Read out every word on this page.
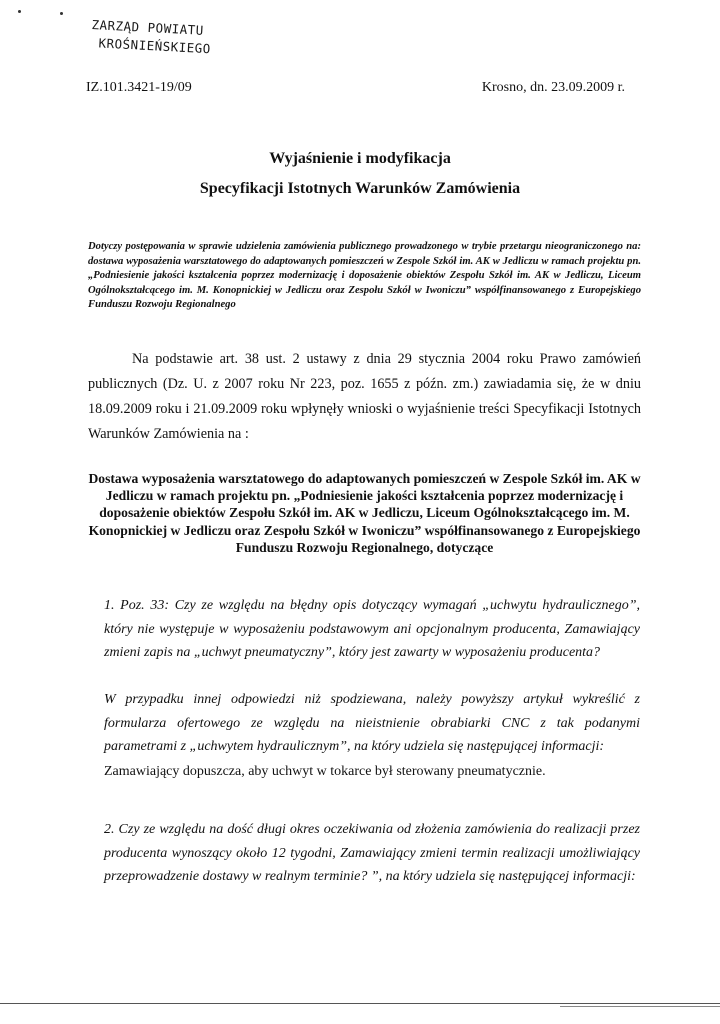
ZARZĄD POWIATU
KROŚNIEŃSKIEGO
IZ.101.3421-19/09	Krosno, dn. 23.09.2009 r.
Wyjaśnienie i modyfikacja
Specyfikacji Istotnych Warunków Zamówienia
Dotyczy postępowania w sprawie udzielenia zamówienia publicznego prowadzonego w trybie przetargu nieograniczonego na: dostawa wyposażenia warsztatowego do adaptowanych pomieszczeń w Zespole Szkół im. AK w Jedliczu w ramach projektu pn. „Podniesienie jakości kształcenia poprzez modernizację i doposażenie obiektów Zespołu Szkół im. AK w Jedliczu, Liceum Ogólnokształcącego im. M. Konopnickiej w Jedliczu oraz Zespołu Szkół w Iwoniczu” współfinansowanego z Europejskiego Funduszu Rozwoju Regionalnego
Na podstawie art. 38 ust. 2 ustawy z dnia 29 stycznia 2004 roku Prawo zamówień publicznych (Dz. U. z 2007 roku Nr 223, poz. 1655 z późn. zm.) zawiadamia się, że w dniu 18.09.2009 roku i 21.09.2009 roku wpłynęły wnioski o wyjaśnienie treści Specyfikacji Istotnych Warunków Zamówienia na :
Dostawa wyposażenia warsztatowego do adaptowanych pomieszczeń w Zespole Szkół im. AK w Jedliczu w ramach projektu pn. „Podniesienie jakości kształcenia poprzez modernizację i doposażenie obiektów Zespołu Szkół im. AK w Jedliczu, Liceum Ogólnokształcącego im. M. Konopnickiej w Jedliczu oraz Zespołu Szkół w Iwoniczu” współfinansowanego z Europejskiego Funduszu Rozwoju Regionalnego, dotyczące
1. Poz. 33: Czy ze względu na błędny opis dotyczący wymagań „uchwytu hydraulicznego”, który nie występuje w wyposażeniu podstawowym ani opcjonalnym producenta, Zamawiający zmieni zapis na „uchwyt pneumatyczny”, który jest zawarty w wyposażeniu producenta?
W przypadku innej odpowiedzi niż spodziewana, należy powyższy artykuł wykreślić z formularza ofertowego ze względu na nieistnienie obrabiarki CNC z tak podanymi parametrami z „uchwytem hydraulicznym”, na który udziela się następującej informacji:
Zamawiający dopuszcza, aby uchwyt w tokarce był sterowany pneumatycznie.
2. Czy ze względu na dość długi okres oczekiwania od złożenia zamówienia do realizacji przez producenta wynoszący około 12 tygodni, Zamawiający zmieni termin realizacji umożliwiający przeprowadzenie dostawy w realnym terminie? ”, na który udziela się następującej informacji:
